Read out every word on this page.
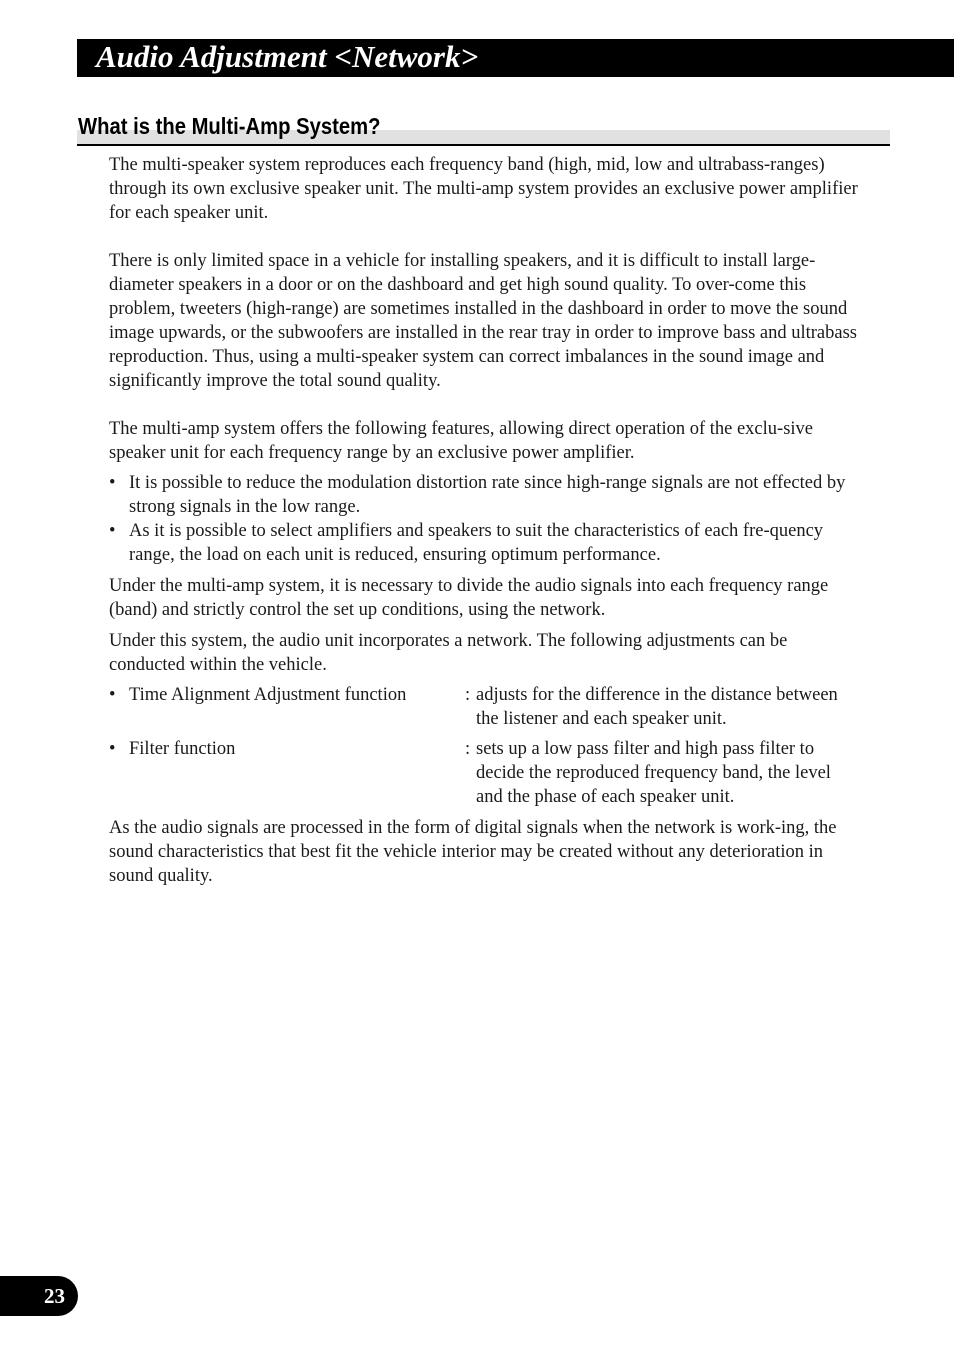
Audio Adjustment <Network>
What is the Multi-Amp System?

The multi-speaker system reproduces each frequency band (high, mid, low and ultrabass-ranges) through its own exclusive speaker unit. The multi-amp system provides an exclusive power amplifier for each speaker unit.

There is only limited space in a vehicle for installing speakers, and it is difficult to install large-diameter speakers in a door or on the dashboard and get high sound quality. To over-come this problem, tweeters (high-range) are sometimes installed in the dashboard in order to move the sound image upwards, or the subwoofers are installed in the rear tray in order to improve bass and ultrabass reproduction. Thus, using a multi-speaker system can correct imbalances in the sound image and significantly improve the total sound quality.

The multi-amp system offers the following features, allowing direct operation of the exclu-sive speaker unit for each frequency range by an exclusive power amplifier.

• It is possible to reduce the modulation distortion rate since high-range signals are not effected by strong signals in the low range.
• As it is possible to select amplifiers and speakers to suit the characteristics of each fre-quency range, the load on each unit is reduced, ensuring optimum performance.

Under the multi-amp system, it is necessary to divide the audio signals into each frequency range (band) and strictly control the set up conditions, using the network.

Under this system, the audio unit incorporates a network. The following adjustments can be conducted within the vehicle.

• Time Alignment Adjustment function	: adjusts for the difference in the distance between the listener and each speaker unit.
• Filter function	: sets up a low pass filter and high pass filter to decide the reproduced frequency band, the level and the phase of each speaker unit.

As the audio signals are processed in the form of digital signals when the network is work-ing, the sound characteristics that best fit the vehicle interior may be created without any deterioration in sound quality.

23
